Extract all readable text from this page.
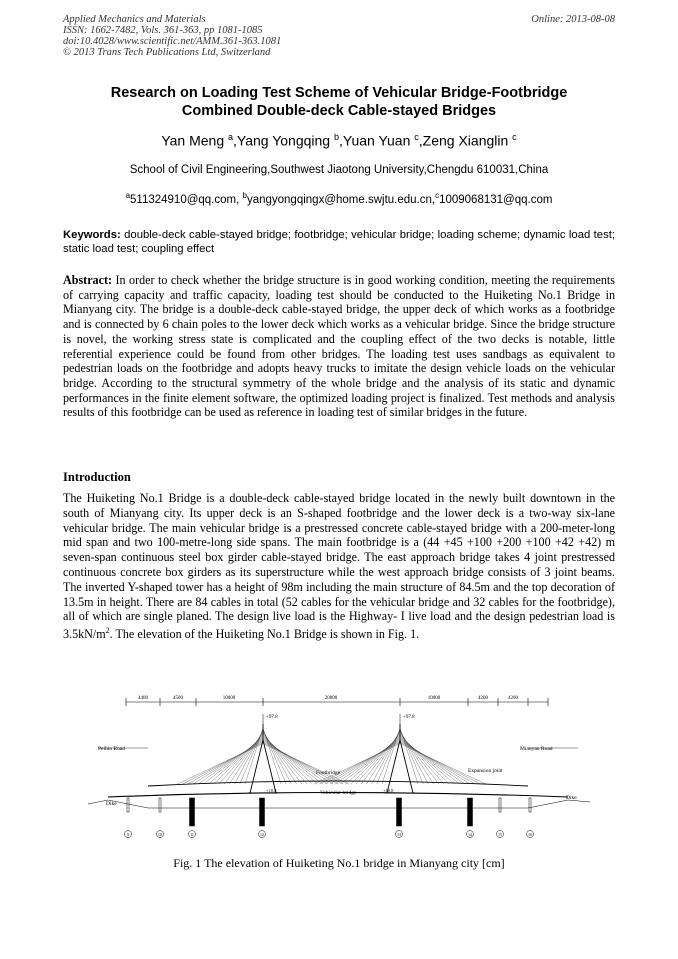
Applied Mechanics and Materials
ISSN: 1662-7482, Vols. 361-363, pp 1081-1085
doi:10.4028/www.scientific.net/AMM.361-363.1081
© 2013 Trans Tech Publications Ltd, Switzerland
Online: 2013-08-08
Research on Loading Test Scheme of Vehicular Bridge-Footbridge
Combined Double-deck Cable-stayed Bridges
Yan Meng $^a$,Yang Yongqing $^b$,Yuan Yuan $^c$,Zeng Xianglin $^c$
School of Civil Engineering,Southwest Jiaotong University,Chengdu 610031,China
$^a$511324910@qq.com, $^b$yangyongqingx@home.swjtu.edu.cn,$^c$1009068131@qq.com
Keywords: double-deck cable-stayed bridge; footbridge; vehicular bridge; loading scheme; dynamic load test; static load test; coupling effect
Abstract: In order to check whether the bridge structure is in good working condition, meeting the requirements of carrying capacity and traffic capacity, loading test should be conducted to the Huiketing No.1 Bridge in Mianyang city. The bridge is a double-deck cable-stayed bridge, the upper deck of which works as a footbridge and is connected by 6 chain poles to the lower deck which works as a vehicular bridge. Since the bridge structure is novel, the working stress state is complicated and the coupling effect of the two decks is notable, little referential experience could be found from other bridges. The loading test uses sandbags as equivalent to pedestrian loads on the footbridge and adopts heavy trucks to imitate the design vehicle loads on the vehicular bridge. According to the structural symmetry of the whole bridge and the analysis of its static and dynamic performances in the finite element software, the optimized loading project is finalized. Test methods and analysis results of this footbridge can be used as reference in loading test of similar bridges in the future.
Introduction
The Huiketing No.1 Bridge is a double-deck cable-stayed bridge located in the newly built downtown in the south of Mianyang city. Its upper deck is an S-shaped footbridge and the lower deck is a two-way six-lane vehicular bridge. The main vehicular bridge is a prestressed concrete cable-stayed bridge with a 200-meter-long mid span and two 100-metre-long side spans. The main footbridge is a (44 +45 +100 +200 +100 +42 +42) m seven-span continuous steel box girder cable-stayed bridge. The east approach bridge takes 4 joint prestressed continuous concrete box girders as its superstructure while the west approach bridge consists of 3 joint beams. The inverted Y-shaped tower has a height of 98m including the main structure of 84.5m and the top decoration of 13.5m in height. There are 84 cables in total (52 cables for the vehicular bridge and 32 cables for the footbridge), all of which are single planed. The design live load is the Highway- I live load and the design pedestrian load is $3.5kN/m^2$. The elevation of the Huiketing No.1 Bridge is shown in Fig. 1.
4400	4500	10000	20000	10000	4200	4200
+97.8	+97.8
Peibin Road	Mianyan Road
Footbridge	Expansion joint
Vehicular bridge
+18.8	+18.8
Dike
Dike
9	10	11	12	13	14	15	16
Fig. 1 The elevation of Huiketing No.1 bridge in Mianyang city [cm]
